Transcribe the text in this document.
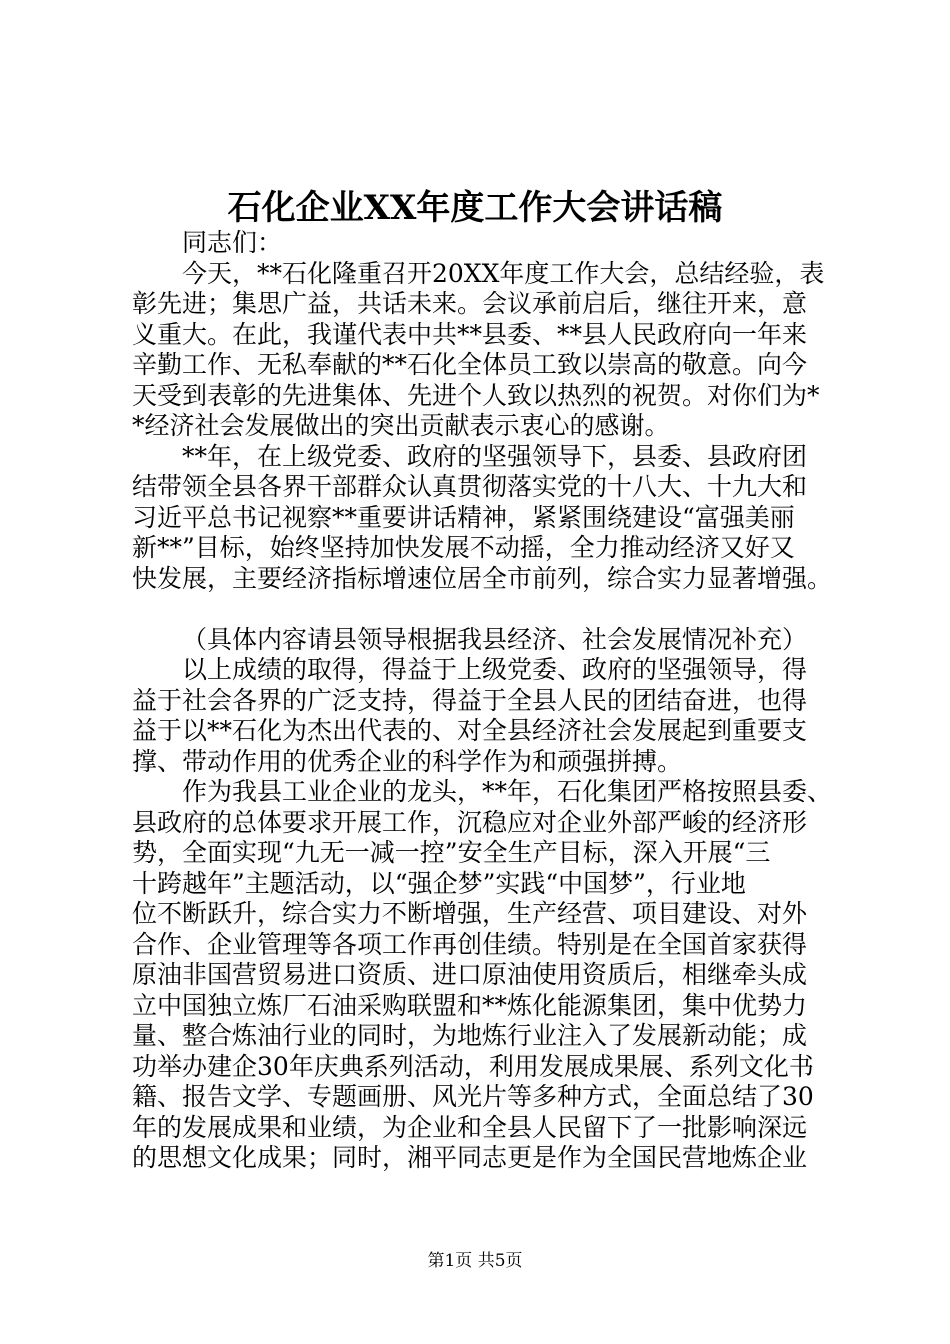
石化企业XX年度工作大会讲话稿
同志们：
今天，**石化隆重召开20XX年度工作大会，总结经验，表
彰先进；集思广益，共话未来。会议承前启后，继往开来，意
义重大。在此，我谨代表中共**县委、**县人民政府向一年来
辛勤工作、无私奉献的**石化全体员工致以崇高的敬意。向今
天受到表彰的先进集体、先进个人致以热烈的祝贺。对你们为*
*经济社会发展做出的突出贡献表示衷心的感谢。
**年，在上级党委、政府的坚强领导下，县委、县政府团
结带领全县各界干部群众认真贯彻落实党的十八大、十九大和
习近平总书记视察**重要讲话精神，紧紧围绕建设“富强美丽
新**”目标，始终坚持加快发展不动摇，全力推动经济又好又
快发展，主要经济指标增速位居全市前列，综合实力显著增强。
（具体内容请县领导根据我县经济、社会发展情况补充）
以上成绩的取得，得益于上级党委、政府的坚强领导，得
益于社会各界的广泛支持，得益于全县人民的团结奋进，也得
益于以**石化为杰出代表的、对全县经济社会发展起到重要支
撑、带动作用的优秀企业的科学作为和顽强拼搏。
作为我县工业企业的龙头，**年，石化集团严格按照县委、
县政府的总体要求开展工作，沉稳应对企业外部严峻的经济形
势，全面实现“九无一减一控”安全生产目标，深入开展“三
十跨越年”主题活动，以“强企梦”实践“中国梦”，行业地
位不断跃升，综合实力不断增强，生产经营、项目建设、对外
合作、企业管理等各项工作再创佳绩。特别是在全国首家获得
原油非国营贸易进口资质、进口原油使用资质后，相继牵头成
立中国独立炼厂石油采购联盟和**炼化能源集团，集中优势力
量、整合炼油行业的同时，为地炼行业注入了发展新动能；成
功举办建企30年庆典系列活动，利用发展成果展、系列文化书
籍、报告文学、专题画册、风光片等多种方式，全面总结了30
年的发展成果和业绩，为企业和全县人民留下了一批影响深远
的思想文化成果；同时，湘平同志更是作为全国民营地炼企业
第1页 共5页
